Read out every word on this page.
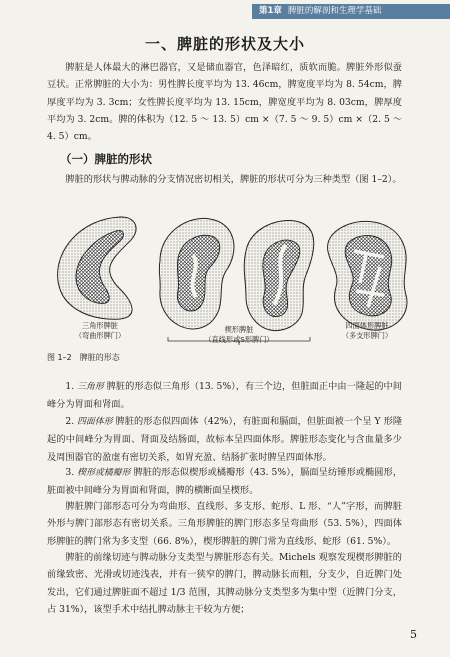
第1章 脾脏的解剖和生理学基础
一、脾脏的形状及大小

脾脏是人体最大的淋巴器官，又是储血器官，色泽暗红，质软而脆。脾脏外形似蚕豆状。正常脾脏的大小为：男性脾长度平均为 13. 46cm，脾宽度平均为 8. 54cm，脾厚度平均为 3. 3cm；女性脾长度平均为 13. 15cm，脾宽度平均为 8. 03cm，脾厚度平均为 3. 2cm。脾的体积为（12. 5 ～ 13. 5）cm ×（7. 5 ～ 9. 5）cm ×（2. 5 ～ 4. 5）cm。

（一）脾脏的形状

脾脏的形状与脾动脉的分支情况密切相关，脾脏的形状可分为三种类型（图 1–2）。

三角形脾脏
（弯曲形脾门）
楔形脾脏
（直线形或S形脾门）
四面体形脾脏
（多支形脾门）
图 1–2 脾脏的形态

1. 三角形 脾脏的形态似三角形（13. 5%），有三个边，但脏面正中由一隆起的中间峰分为胃面和肾面。

2. 四面体形 脾脏的形态似四面体（42%），有脏面和膈面，但脏面被一个呈 Y 形隆起的中间峰分为胃面、肾面及结肠面，故标本呈四面体形。脾脏形态变化与含血量多少及周围器官的盈虚有密切关系，如胃充盈、结肠扩张时脾呈四面体形。

3. 楔形或橘瓣形 脾脏的形态似楔形或橘瓣形（43. 5%），膈面呈纺锤形或椭圆形，脏面被中间峰分为胃面和肾面，脾的横断面呈楔形。

脾脏脾门部形态可分为弯曲形、直线形、多支形、蛇形、L 形、“人”字形，而脾脏外形与脾门部形态有密切关系。三角形脾脏的脾门形态多呈弯曲形（53. 5%），四面体形脾脏的脾门常为多支型（66. 8%），楔形脾脏的脾门常为直线形、蛇形（61. 5%）。

脾脏的前缘切迹与脾动脉分支类型与脾脏形态有关。Michels 观察发现楔形脾脏的前缘致密、光滑或切迹浅表，并有一狭窄的脾门，脾动脉长而粗，分支少，自近脾门处发出，它们通过脾脏面不超过 1/3 范围，其脾动脉分支类型多为集中型（近脾门分支，占 31%），该型手术中结扎脾动脉主干较为方便；

5
